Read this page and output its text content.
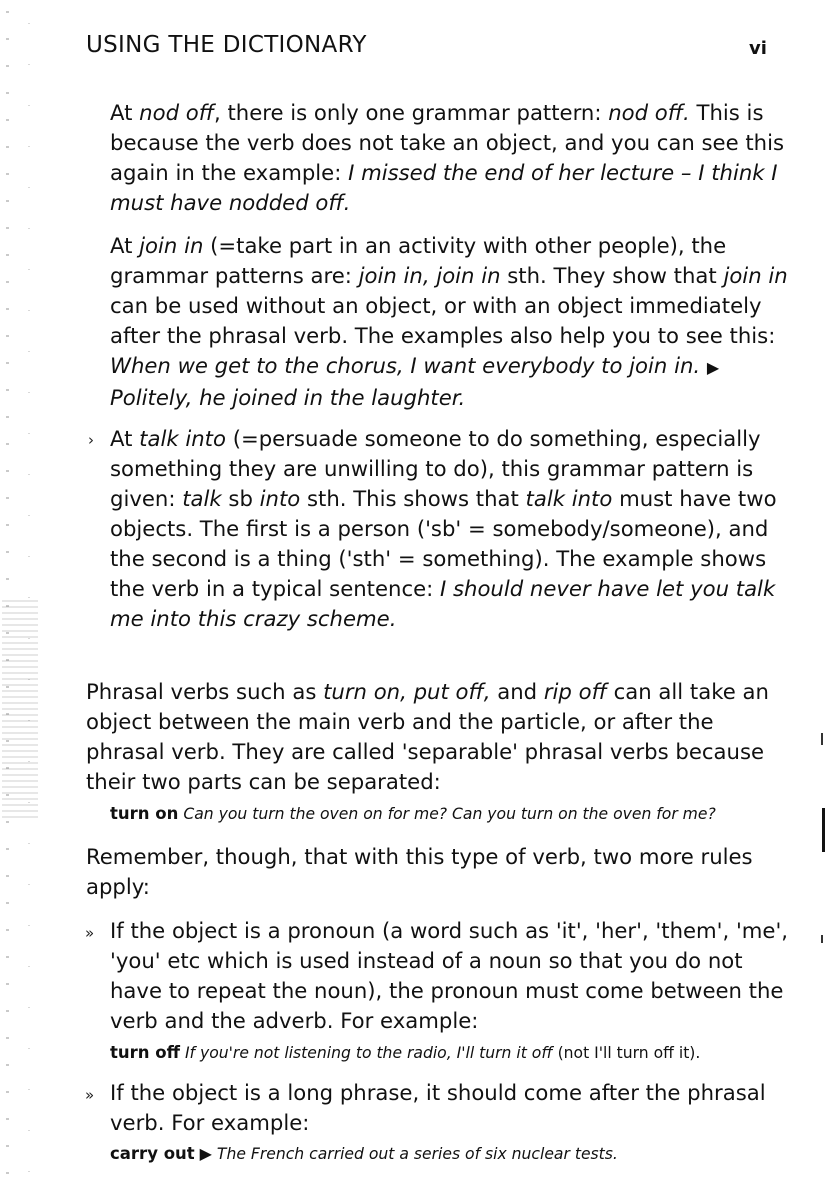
USING THE DICTIONARY	vi

At nod off, there is only one grammar pattern: nod off. This is because the verb does not take an object, and you can see this again in the example: I missed the end of her lecture – I think I must have nodded off.

At join in (=take part in an activity with other people), the grammar patterns are: join in, join in sth. They show that join in can be used without an object, or with an object immediately after the phrasal verb. The examples also help you to see this: When we get to the chorus, I want everybody to join in. ▶ Politely, he joined in the laughter.

› At talk into (=persuade someone to do something, especially something they are unwilling to do), this grammar pattern is given: talk sb into sth. This shows that talk into must have two objects. The first is a person ('sb' = somebody/someone), and the second is a thing ('sth' = something). The example shows the verb in a typical sentence: I should never have let you talk me into this crazy scheme.

Phrasal verbs such as turn on, put off, and rip off can all take an object between the main verb and the particle, or after the phrasal verb. They are called 'separable' phrasal verbs because their two parts can be separated:

turn on Can you turn the oven on for me? Can you turn on the oven for me?

Remember, though, that with this type of verb, two more rules apply:

» If the object is a pronoun (a word such as 'it', 'her', 'them', 'me', 'you' etc which is used instead of a noun so that you do not have to repeat the noun), the pronoun must come between the verb and the adverb. For example:

turn off If you're not listening to the radio, I'll turn it off (not I'll turn off it).
» If the object is a long phrase, it should come after the phrasal verb. For example:

carry out ▶ The French carried out a series of six nuclear tests.
